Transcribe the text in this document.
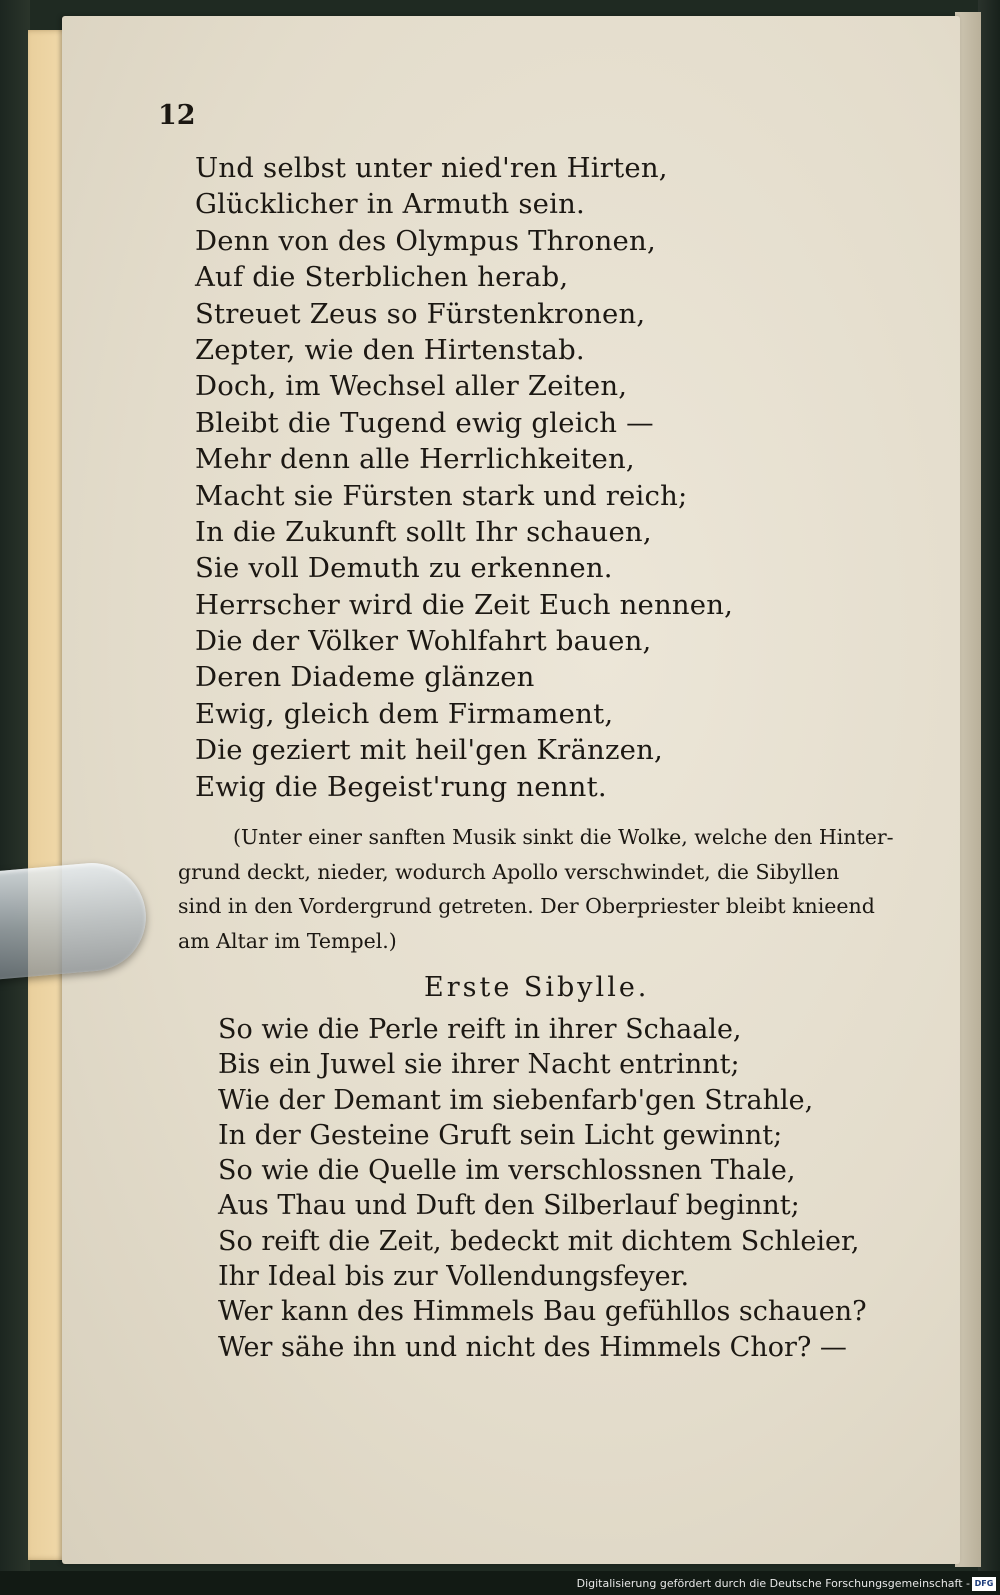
12
Und selbst unter nied'ren Hirten,
Glücklicher in Armuth sein.
Denn von des Olympus Thronen,
Auf die Sterblichen herab,
Streuet Zeus so Fürstenkronen,
Zepter, wie den Hirtenstab.
Doch, im Wechsel aller Zeiten,
Bleibt die Tugend ewig gleich —
Mehr denn alle Herrlichkeiten,
Macht sie Fürsten stark und reich;
In die Zukunft sollt Ihr schauen,
Sie voll Demuth zu erkennen.
Herrscher wird die Zeit Euch nennen,
Die der Völker Wohlfahrt bauen,
Deren Diademe glänzen
Ewig, gleich dem Firmament,
Die geziert mit heil'gen Kränzen,
Ewig die Begeist'rung nennt.
(Unter einer sanften Musik sinkt die Wolke, welche den Hinter-
grund deckt, nieder, wodurch Apollo verschwindet, die Sibyllen
sind in den Vordergrund getreten. Der Oberpriester bleibt knieend
am Altar im Tempel.)
Erste Sibylle.
So wie die Perle reift in ihrer Schaale,
Bis ein Juwel sie ihrer Nacht entrinnt;
Wie der Demant im siebenfarb'gen Strahle,
In der Gesteine Gruft sein Licht gewinnt;
So wie die Quelle im verschlossnen Thale,
Aus Thau und Duft den Silberlauf beginnt;
So reift die Zeit, bedeckt mit dichtem Schleier,
Ihr Ideal bis zur Vollendungsfeyer.
Wer kann des Himmels Bau gefühllos schauen?
Wer sähe ihn und nicht des Himmels Chor? —
Digitalisierung gefördert durch die Deutsche Forschungsgemeinschaft - DFG
